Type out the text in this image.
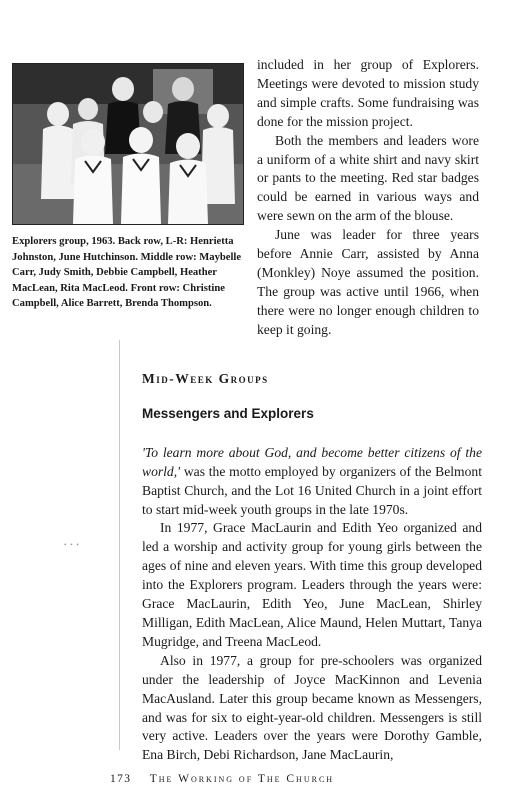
Explorers group, 1963. Back row, L-R: Henrietta Johnston, June Hutchinson. Middle row: Maybelle Carr, Judy Smith, Debbie Campbell, Heather MacLean, Rita MacLeod. Front row: Christine Campbell, Alice Barrett, Brenda Thompson.

included in her group of Explorers. Meetings were devoted to mission study and simple crafts. Some fundraising was done for the mission project.

Both the members and leaders wore a uniform of a white shirt and navy skirt or pants to the meeting. Red star badges could be earned in various ways and were sewn on the arm of the blouse.

June was leader for three years before Annie Carr, assisted by Anna (Monkley) Noye assumed the position. The group was active until 1966, when there were no longer enough children to keep it going.

• • •
Mid-Week Groups
Messengers and Explorers

'To learn more about God, and become better citizens of the world,' was the motto employed by organizers of the Belmont Baptist Church, and the Lot 16 United Church in a joint effort to start mid-week youth groups in the late 1970s.

In 1977, Grace MacLaurin and Edith Yeo organized and led a worship and activity group for young girls between the ages of nine and eleven years. With time this group developed into the Explorers program. Leaders through the years were: Grace MacLaurin, Edith Yeo, June MacLean, Shirley Milligan, Edith MacLean, Alice Maund, Helen Muttart, Tanya Mugridge, and Treena MacLeod.

Also in 1977, a group for pre-schoolers was organized under the leadership of Joyce MacKinnon and Levenia MacAusland. Later this group became known as Messengers, and was for six to eight-year-old children. Messengers is still very active. Leaders over the years were Dorothy Gamble, Ena Birch, Debi Richardson, Jane MacLaurin,

173 The Working of The Church
